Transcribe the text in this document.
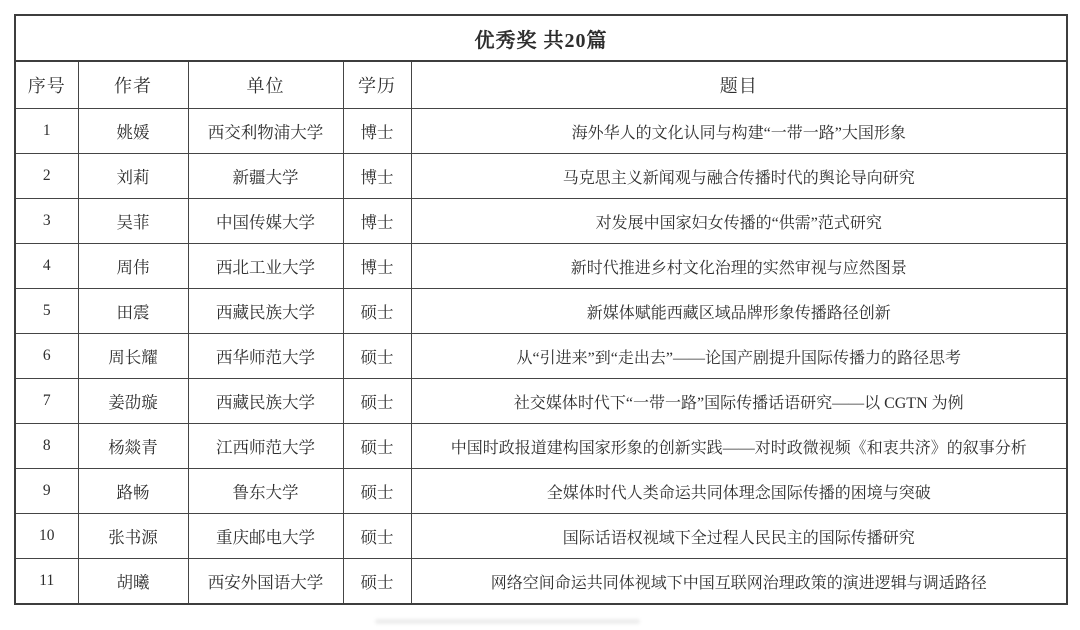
优秀奖 共20篇				
序号	作者	单位	学历	题目
1	姚媛	西交利物浦大学	博士	海外华人的文化认同与构建“一带一路”大国形象
2	刘莉	新疆大学	博士	马克思主义新闻观与融合传播时代的舆论导向研究
3	吴菲	中国传媒大学	博士	对发展中国家妇女传播的“供需”范式研究
4	周伟	西北工业大学	博士	新时代推进乡村文化治理的实然审视与应然图景
5	田震	西藏民族大学	硕士	新媒体赋能西藏区域品牌形象传播路径创新
6	周长耀	西华师范大学	硕士	从“引进来”到“走出去”——论国产剧提升国际传播力的路径思考
7	姜劭璇	西藏民族大学	硕士	社交媒体时代下“一带一路”国际传播话语研究——以 CGTN 为例
8	杨燚青	江西师范大学	硕士	中国时政报道建构国家形象的创新实践——对时政微视频《和衷共济》的叙事分析
9	路畅	鲁东大学	硕士	全媒体时代人类命运共同体理念国际传播的困境与突破
10	张书源	重庆邮电大学	硕士	国际话语权视域下全过程人民民主的国际传播研究
11	胡曦	西安外国语大学	硕士	网络空间命运共同体视域下中国互联网治理政策的演进逻辑与调适路径
